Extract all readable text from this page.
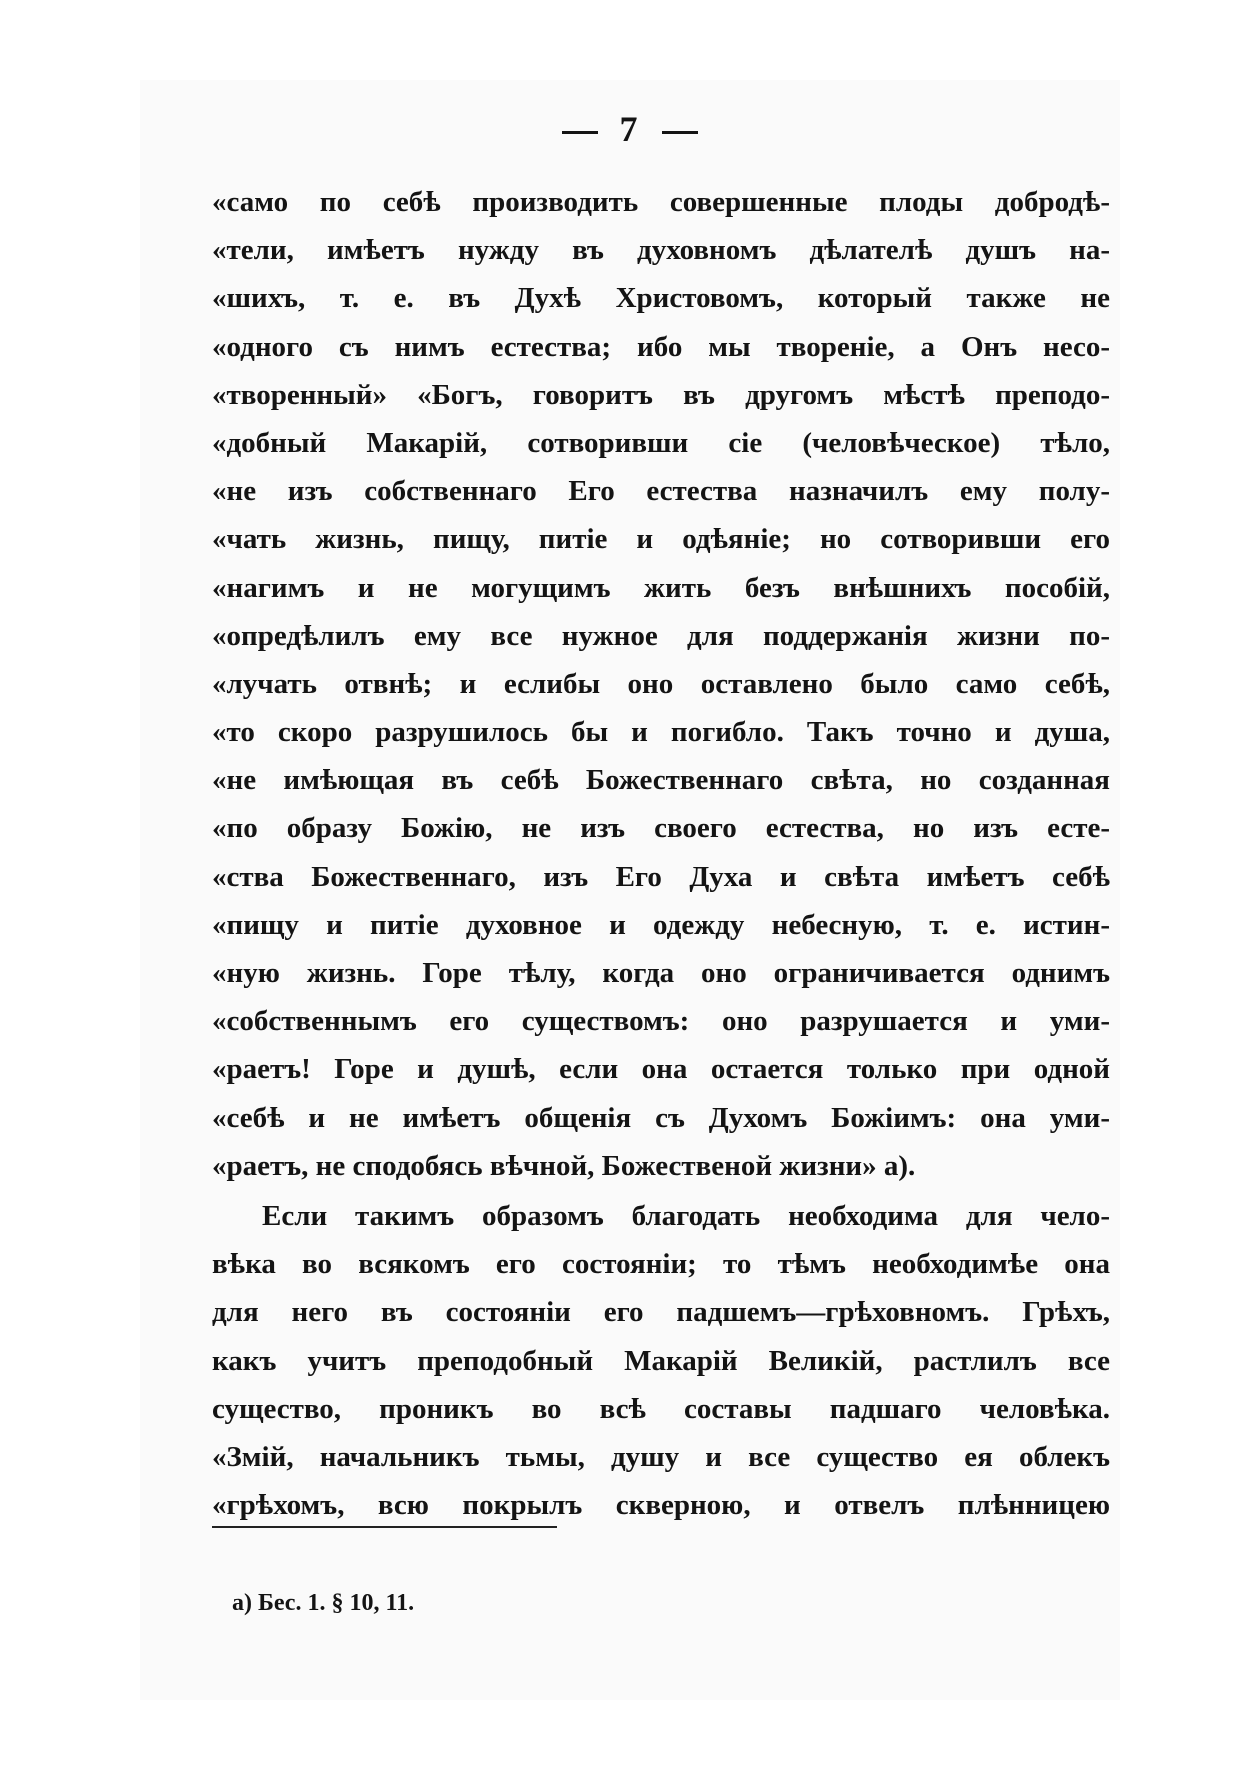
7
«само по себѣ производить совершенные плоды добродѣ-
«тели, имѣетъ нужду въ духовномъ дѣлателѣ душъ на-
«шихъ, т. е. въ Духѣ Христовомъ, который также не
«одного съ нимъ естества; ибо мы твореніе, а Онъ несо-
«творенный» «Богъ, говоритъ въ другомъ мѣстѣ преподо-
«добный Макарій, сотворивши сіе (человѣческое) тѣло,
«не изъ собственнаго Его естества назначилъ ему полу-
«чать жизнь, пищу, питіе и одѣяніе; но сотворивши его
«нагимъ и не могущимъ жить безъ внѣшнихъ пособій,
«опредѣлилъ ему все нужное для поддержанія жизни по-
«лучать отвнѣ; и еслибы оно оставлено было само себѣ,
«то скоро разрушилось бы и погибло. Такъ точно и душа,
«не имѣющая въ себѣ Божественнаго свѣта, но созданная
«по образу Божію, не изъ своего естества, но изъ есте-
«ства Божественнаго, изъ Его Духа и свѣта имѣетъ себѣ
«пищу и питіе духовное и одежду небесную, т. е. истин-
«ную жизнь. Горе тѣлу, когда оно ограничивается однимъ
«собственнымъ его существомъ: оно разрушается и уми-
«раетъ! Горе и душѣ, если она остается только при одной
«себѣ и не имѣетъ общенія съ Духомъ Божіимъ: она уми-
«раетъ, не сподобясь вѣчной, Божественой жизни» а).
Если такимъ образомъ благодать необходима для чело-
вѣка во всякомъ его состояніи; то тѣмъ необходимѣе она
для него въ состояніи его падшемъ—грѣховномъ. Грѣхъ,
какъ учитъ преподобный Макарій Великій, растлилъ все
существо, проникъ во всѣ составы падшаго человѣка.
«Змій, начальникъ тьмы, душу и все существо ея облекъ
«грѣхомъ, всю покрылъ скверною, и отвелъ плѣнницею
а) Бес. 1. § 10, 11.
